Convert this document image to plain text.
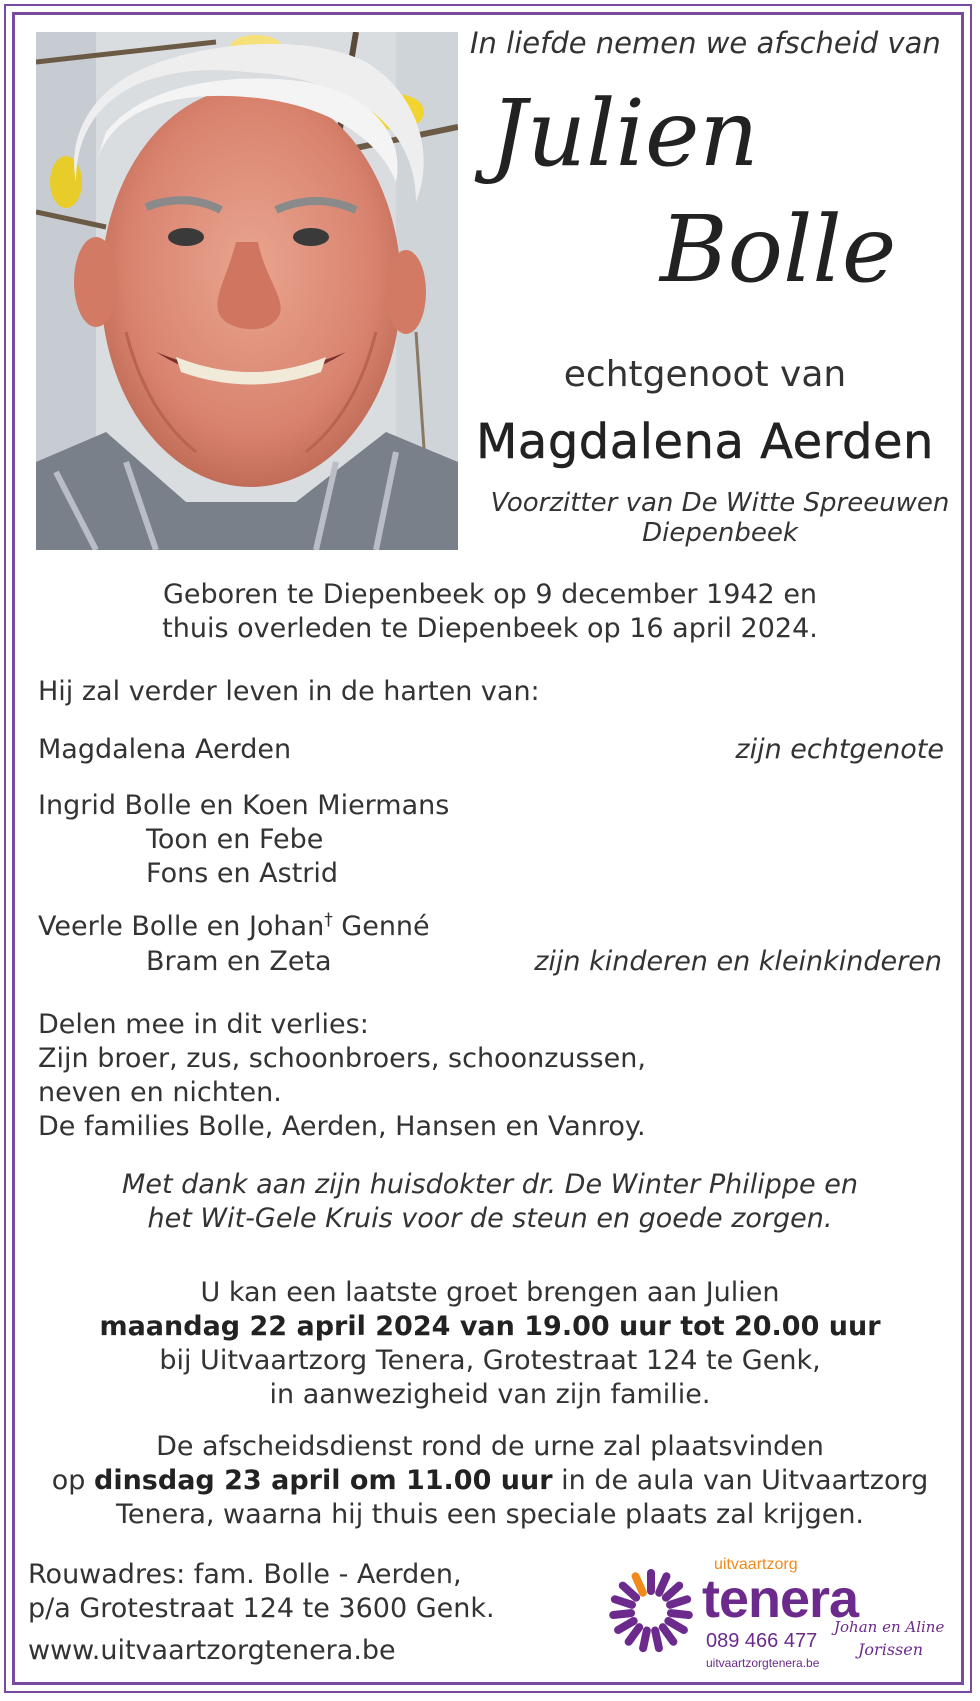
In liefde nemen we afscheid van
Julien
Bolle
echtgenoot van
Magdalena Aerden
Voorzitter van De Witte Spreeuwen
Diepenbeek
Geboren te Diepenbeek op 9 december 1942 en
thuis overleden te Diepenbeek op 16 april 2024.
Hij zal verder leven in de harten van:
Magdalena Aerden	zijn echtgenote
Ingrid Bolle en Koen Miermans
Toon en Febe
Fons en Astrid
Veerle Bolle en Johan† Genné
Bram en Zeta	zijn kinderen en kleinkinderen
Delen mee in dit verlies:
Zijn broer, zus, schoonbroers, schoonzussen,
neven en nichten.
De families Bolle, Aerden, Hansen en Vanroy.
Met dank aan zijn huisdokter dr. De Winter Philippe en
het Wit-Gele Kruis voor de steun en goede zorgen.
U kan een laatste groet brengen aan Julien
maandag 22 april 2024 van 19.00 uur tot 20.00 uur
bij Uitvaartzorg Tenera, Grotestraat 124 te Genk,
in aanwezigheid van zijn familie.
De afscheidsdienst rond de urne zal plaatsvinden
op dinsdag 23 april om 11.00 uur in de aula van Uitvaartzorg
Tenera, waarna hij thuis een speciale plaats zal krijgen.
Rouwadres: fam. Bolle - Aerden,
p/a Grotestraat 124 te 3600 Genk.
www.uitvaartzorgtenera.be
uitvaartzorg
tenera
089 466 477
uitvaartzorgtenera.be
Johan en Aline
Jorissen
